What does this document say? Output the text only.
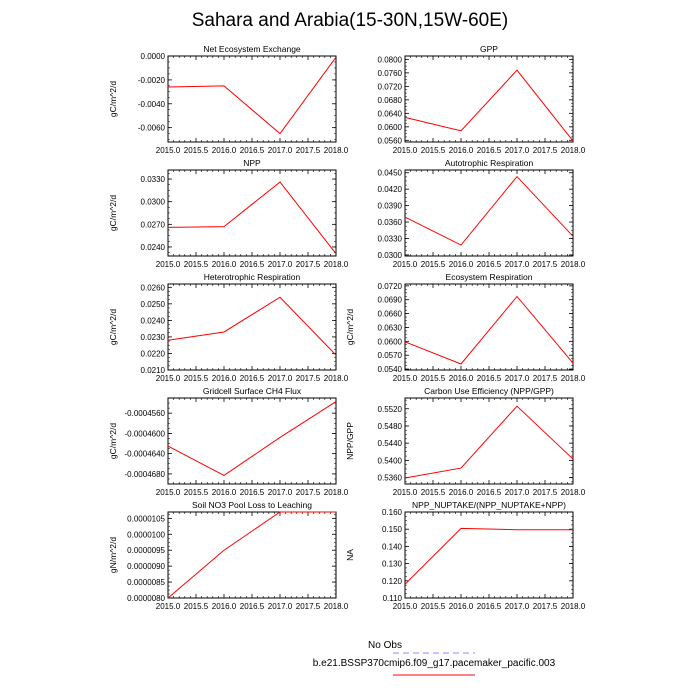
Sahara and Arabia(15-30N,15W-60E)
Net Ecosystem Exchange
2015.0 2015.5 2016.0 2016.5 2017.0 2017.5 2018.0
0.0000
-0.0020
-0.0040
-0.0060
gC/m^2/d
GPP
2015.0 2015.5 2016.0 2016.5 2017.0 2017.5 2018.0
0.0800
0.0760
0.0720
0.0680
0.0640
0.0600
0.0560
NPP
2015.0 2015.5 2016.0 2016.5 2017.0 2017.5 2018.0
0.0330
0.0300
0.0270
0.0240
gC/m^2/d
Autotrophic Respiration
2015.0 2015.5 2016.0 2016.5 2017.0 2017.5 2018.0
0.0450
0.0420
0.0390
0.0360
0.0330
0.0300
Heterotrophic Respiration
2015.0 2015.5 2016.0 2016.5 2017.0 2017.5 2018.0
0.0260
0.0250
0.0240
0.0230
0.0220
0.0210
gC/m^2/d
Ecosystem Respiration
2015.0 2015.5 2016.0 2016.5 2017.0 2017.5 2018.0
0.0720
0.0690
0.0660
0.0630
0.0600
0.0570
0.0540
gC/m^2/d
Gridcell Surface CH4 Flux
2015.0 2015.5 2016.0 2016.5 2017.0 2017.5 2018.0
-0.0004560
-0.0004600
-0.0004640
-0.0004680
gC/m^2/d
Carbon Use Efficiency (NPP/GPP)
2015.0 2015.5 2016.0 2016.5 2017.0 2017.5 2018.0
0.5520
0.5480
0.5440
0.5400
0.5360
NPP/GPP
Soil NO3 Pool Loss to Leaching
2015.0 2015.5 2016.0 2016.5 2017.0 2017.5 2018.0
0.0000105
0.0000100
0.0000095
0.0000090
0.0000085
0.0000080
gN/m^2/d
NPP_NUPTAKE/(NPP_NUPTAKE+NPP)
2015.0 2015.5 2016.0 2016.5 2017.0 2017.5 2018.0
0.160
0.150
0.140
0.130
0.120
0.110
NA
No Obs
b.e21.BSSP370cmip6.f09_g17.pacemaker_pacific.003
